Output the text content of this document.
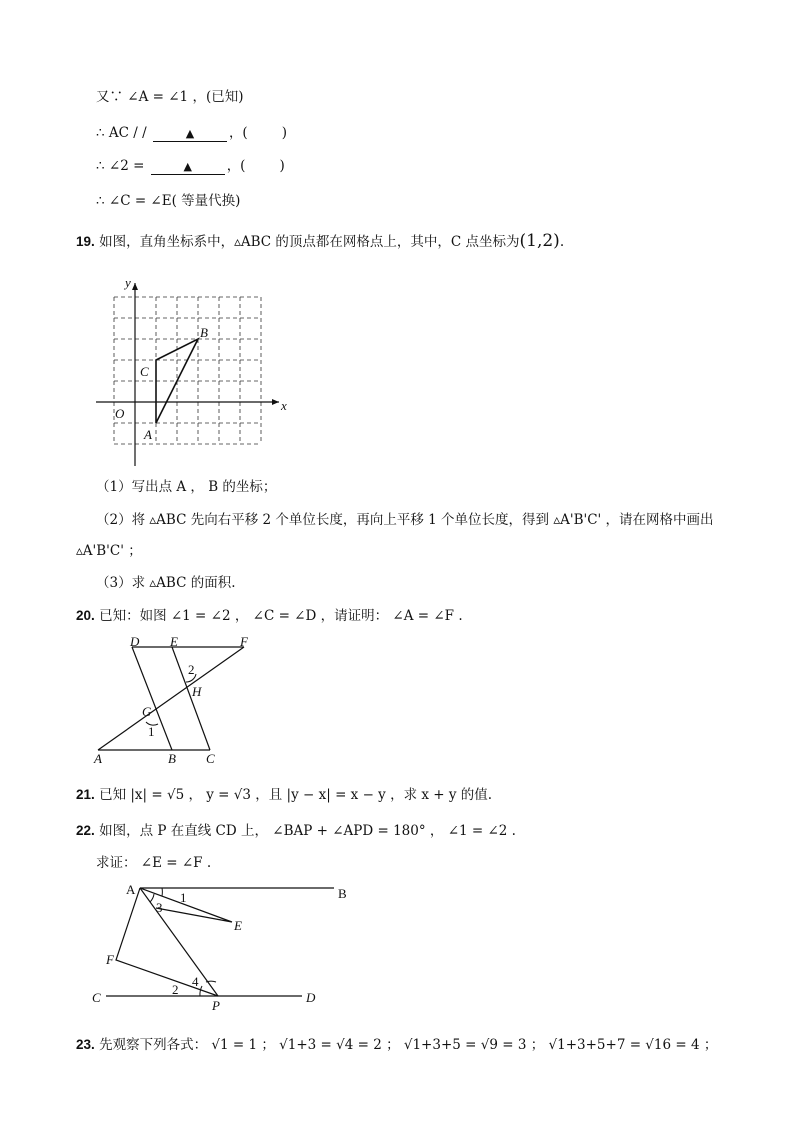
又∵ ∠A = ∠1 ，(已知)
∴ AC / /	▲	，(	)
∴ ∠2 =	▲	，(	)
∴ ∠C = ∠E( 等量代换)
19. 如图，直角坐标系中，▵ABC 的顶点都在网格点上，其中，C 点坐标为(1,2).
x
y
O
A
B
C
（1）写出点 A ， B 的坐标；
（2）将 ▵ABC 先向右平移 2 个单位长度，再向上平移 1 个单位长度，得到 ▵A'B'C' ，请在网格中画出
▵A'B'C' ；
（3）求 ▵ABC 的面积.
20. 已知：如图 ∠1 = ∠2 ， ∠C = ∠D ，请证明： ∠A = ∠F .
D E	F
A	B C
G
H
1
2
21. 已知 |x| = √5 ， y = √3 ，且 |y − x| = x − y ，求 x + y 的值.
22. 如图，点 P 在直线 CD 上， ∠BAP + ∠APD = 180° ， ∠1 = ∠2 .
求证： ∠E = ∠F .
A	B
E
F
C	D
P
1
2
3
4
23. 先观察下列各式： √1 = 1 ； √1+3 = √4 = 2 ； √1+3+5 = √9 = 3 ； √1+3+5+7 = √16 = 4 ；
